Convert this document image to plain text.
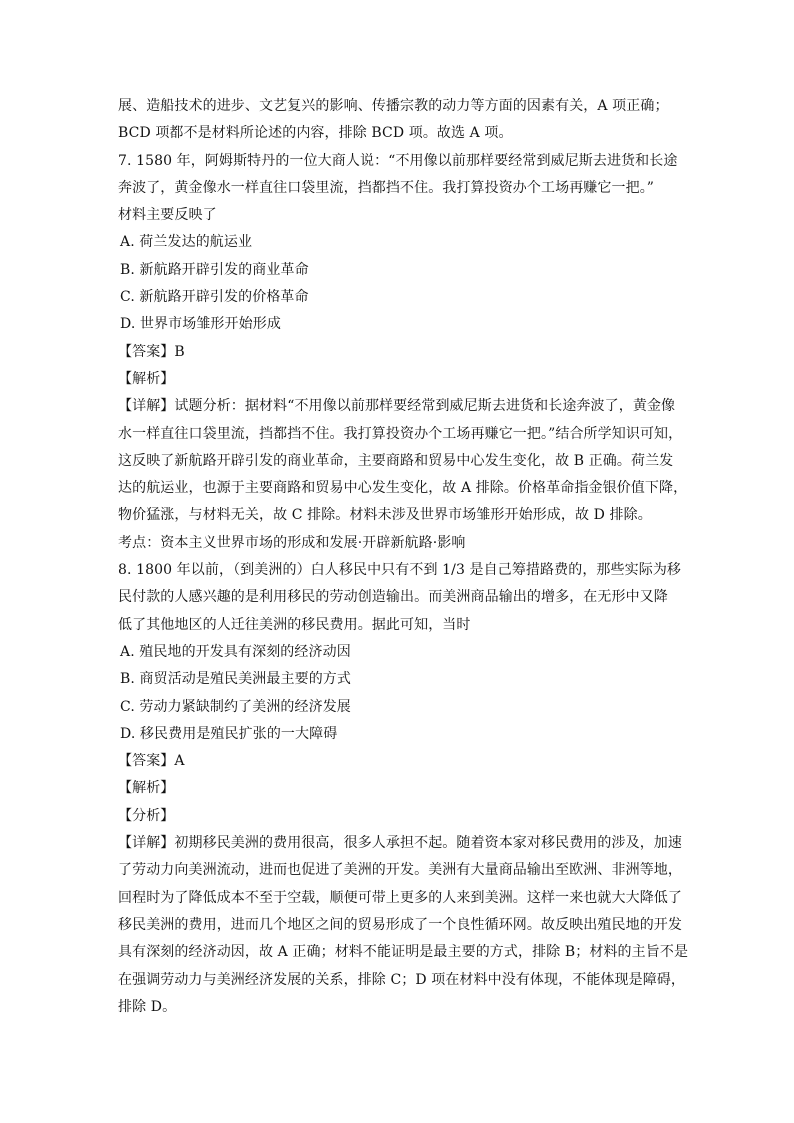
展、造船技术的进步、文艺复兴的影响、传播宗教的动力等方面的因素有关，A 项正确；
BCD 项都不是材料所论述的内容，排除 BCD 项。故选 A 项。
7. 1580 年，阿姆斯特丹的一位大商人说：“不用像以前那样要经常到威尼斯去进货和长途
奔波了，黄金像水一样直往口袋里流，挡都挡不住。我打算投资办个工场再赚它一把。”
材料主要反映了
A. 荷兰发达的航运业
B. 新航路开辟引发的商业革命
C. 新航路开辟引发的价格革命
D. 世界市场雏形开始形成
【答案】B
【解析】
【详解】试题分析：据材料“不用像以前那样要经常到威尼斯去进货和长途奔波了，黄金像
水一样直往口袋里流，挡都挡不住。我打算投资办个工场再赚它一把。”结合所学知识可知，
这反映了新航路开辟引发的商业革命，主要商路和贸易中心发生变化，故 B 正确。荷兰发
达的航运业，也源于主要商路和贸易中心发生变化，故 A 排除。价格革命指金银价值下降，
物价猛涨，与材料无关，故 C 排除。材料未涉及世界市场雏形开始形成，故 D 排除。
考点：资本主义世界市场的形成和发展·开辟新航路·影响
8. 1800 年以前，（到美洲的）白人移民中只有不到 1/3 是自己筹措路费的，那些实际为移
民付款的人感兴趣的是利用移民的劳动创造输出。而美洲商品输出的增多，在无形中又降
低了其他地区的人迁往美洲的移民费用。据此可知，当时
A. 殖民地的开发具有深刻的经济动因
B. 商贸活动是殖民美洲最主要的方式
C. 劳动力紧缺制约了美洲的经济发展
D. 移民费用是殖民扩张的一大障碍
【答案】A
【解析】
【分析】
【详解】初期移民美洲的费用很高，很多人承担不起。随着资本家对移民费用的涉及，加速
了劳动力向美洲流动，进而也促进了美洲的开发。美洲有大量商品输出至欧洲、非洲等地，
回程时为了降低成本不至于空载，顺便可带上更多的人来到美洲。这样一来也就大大降低了
移民美洲的费用，进而几个地区之间的贸易形成了一个良性循环网。故反映出殖民地的开发
具有深刻的经济动因，故 A 正确；材料不能证明是最主要的方式，排除 B；材料的主旨不是
在强调劳动力与美洲经济发展的关系，排除 C；D 项在材料中没有体现，不能体现是障碍，
排除 D。
